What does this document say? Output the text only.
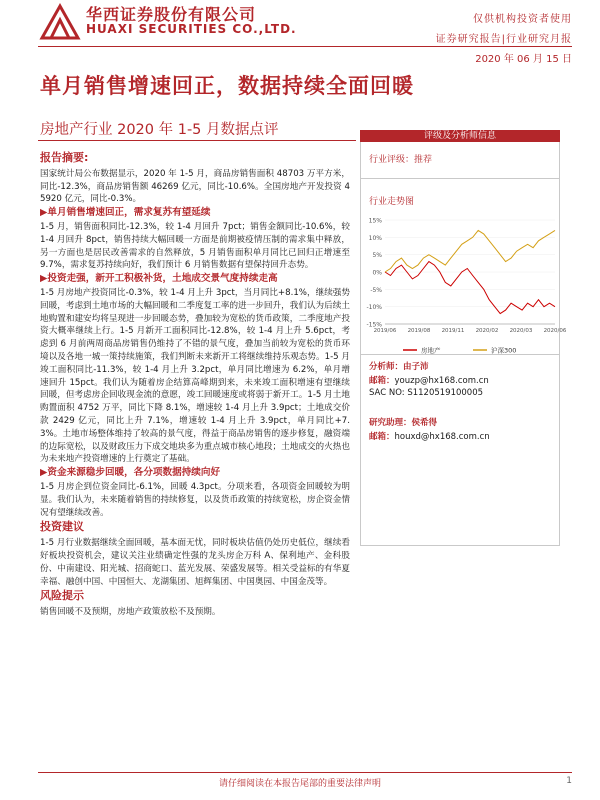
华西证券股份有限公司
HUAXI SECURITIES CO.,LTD.
仅供机构投资者使用
证券研究报告|行业研究月报
2020 年 06 月 15 日
单月销售增速回正，数据持续全面回暖
房地产行业 2020 年 1-5 月数据点评
报告摘要:
国家统计局公布数据显示，2020 年 1-5 月，商品房销售面积 48703 万平方米，同比-12.3%，商品房销售额 46269 亿元，同比-10.6%。全国房地产开发投资 45920 亿元，同比-0.3%。
▶单月销售增速回正，需求复苏有望延续
1-5 月，销售面积同比-12.3%，较 1-4 月回升 7pct；销售金额同比-10.6%，较 1-4 月回升 8pct，销售持续大幅回暖一方面是前期被疫情压制的需求集中释放，另一方面也是居民改善需求的自然释放，5 月销售面积单月同比已回归正增速至 9.7%，需求复苏持续向好，我们预计 6 月销售数据有望保持回升态势。
▶投资走强，新开工积极补货，土地成交景气度持续走高
1-5 月房地产投资同比-0.3%，较 1-4 月上升 3pct，当月同比+8.1%，继续强势回暖，考虑到土地市场的大幅回暖和二季度复工率的进一步回升，我们认为后续土地购置和建安均将呈现进一步回暖态势，叠加较为宽松的货币政策，二季度地产投资大概率继续上行。1-5 月新开工面积同比-12.8%，较 1-4 月上升 5.6pct，考虑到 6 月前两周商品房销售仍维持了不错的景气度，叠加当前较为宽松的货币环境以及各地一城一策持续施策，我们判断未来新开工将继续维持乐观态势。1-5 月竣工面积同比-11.3%，较 1-4 月上升 3.2pct，单月同比增速为 6.2%，单月增速回升 15pct。我们认为随着房企结算高峰期到来，未来竣工面积增速有望继续回暖，但考虑房企回收现金流的意愿，竣工回暖速度或将弱于新开工。1-5 月土地购置面积 4752 万平，同比下降 8.1%，增速较 1-4 月上升 3.9pct；土地成交价款 2429 亿元，同比上升 7.1%，增速较 1-4 月上升 3.9pct，单月同比+7.3%。土地市场整体维持了较高的景气度，得益于商品房销售的逐步修复，融资端的边际宽松，以及财政压力下成交地块多为重点城市核心地段；土地成交的火热也为未来地产投资增速的上行奠定了基础。
▶资金来源稳步回暖，各分项数据持续向好
1-5 月房企到位资金同比-6.1%，回暖 4.3pct。分项来看，各项资金回暖较为明显。我们认为，未来随着销售的持续修复，以及货币政策的持续宽松，房企资金情况有望继续改善。
投资建议
1-5 月行业数据继续全面回暖，基本面无忧，同时板块估值仍处历史低位，继续看好板块投资机会，建议关注业绩确定性强的龙头房企万科 A、保利地产、金科股份、中南建设、阳光城、招商蛇口、蓝光发展、荣盛发展等。相关受益标的有华夏幸福、融创中国、中国恒大、龙湖集团、旭辉集团、中国奥园、中国金茂等。
风险提示
销售回暖不及预期，房地产政策放松不及预期。
评级及分析师信息
行业评级：推荐
行业走势图
15%
10%
5%
0%
-5%
-10%
-15%
2019/06 2019/08 2019/11 2020/02 2020/03 2020/06
房地产	沪深300
分析师：由子沛
邮箱：youzp@hx168.com.cn
SAC NO: S1120519100005
研究助理：侯希得
邮箱：houxd@hx168.com.cn
请仔细阅读在本报告尾部的重要法律声明	1
